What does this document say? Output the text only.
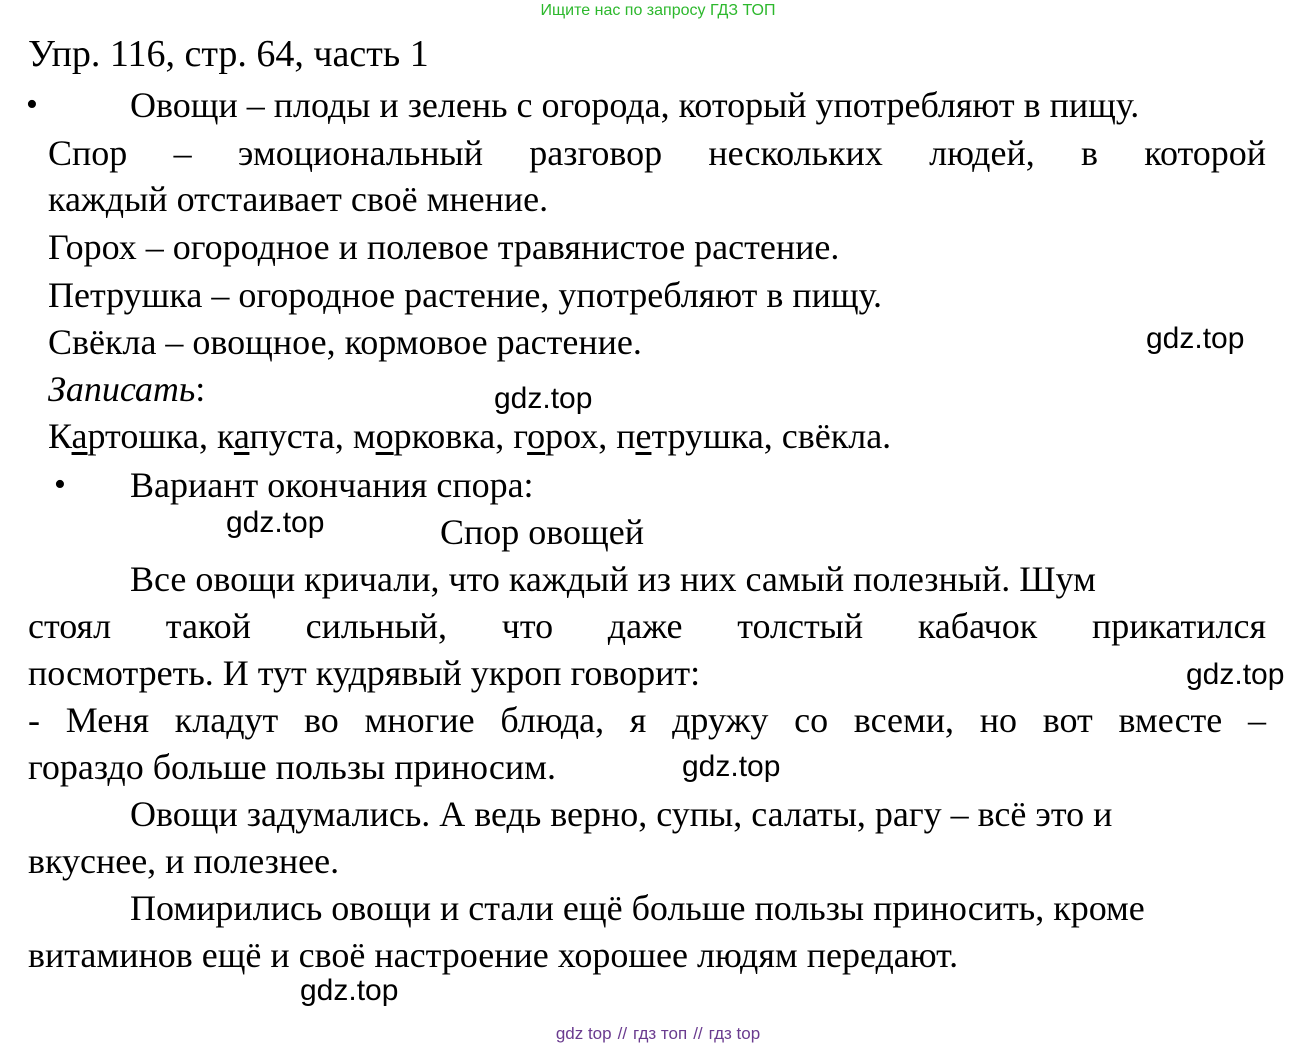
Ищите нас по запросу ГДЗ ТОП
Упр. 116, стр. 64, часть 1
•	Овощи – плоды и зелень с огорода, который употребляют в пищу.
Спор – эмоциональный разговор нескольких людей, в которой
каждый отстаивает своё мнение.
Горох – огородное и полевое травянистое растение.
Петрушка – огородное растение, употребляют в пищу.
Свёкла – овощное, кормовое растение.	gdz.top
Записать:	gdz.top
Картошка, капуста, морковка, горох, петрушка, свёкла.
• Вариант окончания спора:
gdz.top	Спор овощей
Все овощи кричали, что каждый из них самый полезный. Шум
стоял такой сильный, что даже толстый кабачок прикатился
посмотреть. И тут кудрявый укроп говорит:	gdz.top
- Меня кладут во многие блюда, я дружу со всеми, но вот вместе –
гораздо больше пользы приносим.	gdz.top
Овощи задумались. А ведь верно, супы, салаты, рагу – всё это и
вкуснее, и полезнее.
Помирились овощи и стали ещё больше пользы приносить, кроме
витаминов ещё и своё настроение хорошее людям передают.
gdz.top
gdz top // гдз топ // гдз top
